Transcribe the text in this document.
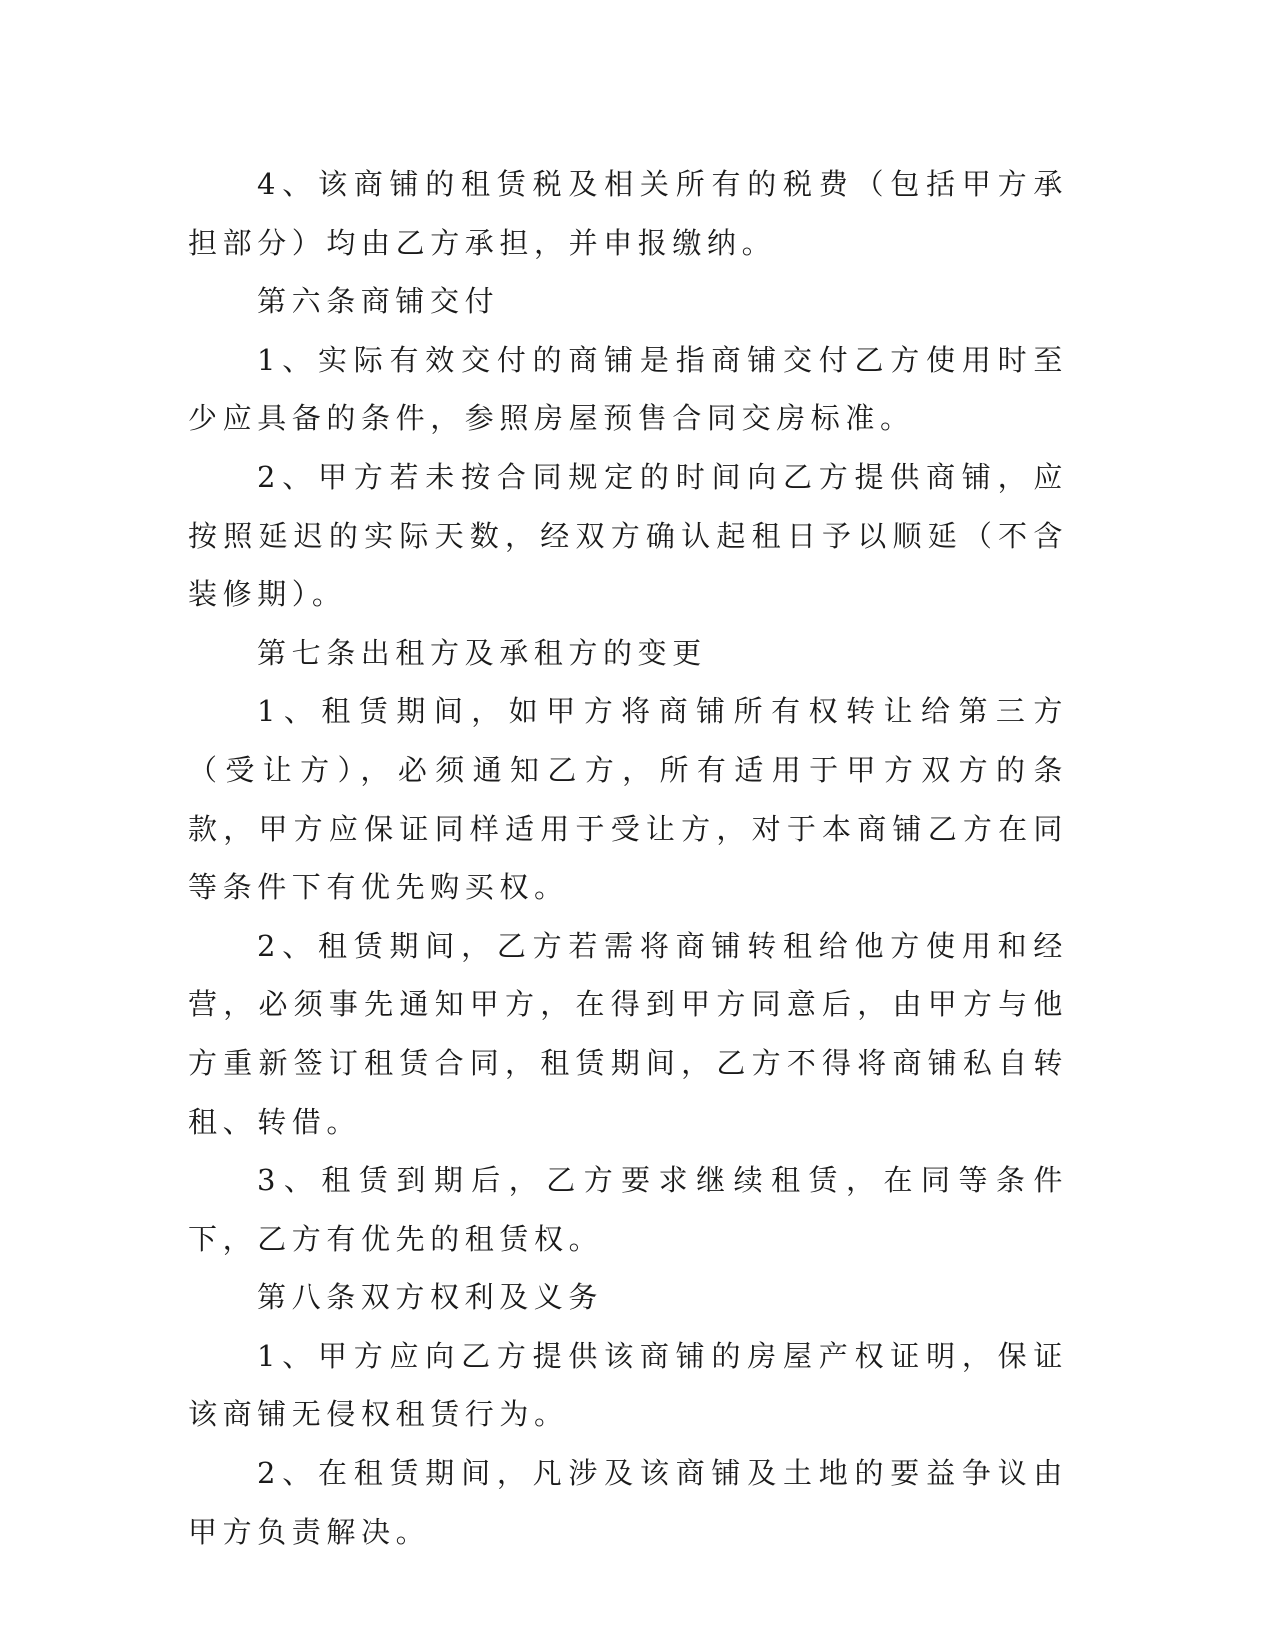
4、该商铺的租赁税及相关所有的税费（包括甲方承担部分）均由乙方承担，并申报缴纳。

第六条商铺交付

1、实际有效交付的商铺是指商铺交付乙方使用时至少应具备的条件，参照房屋预售合同交房标准。

2、甲方若未按合同规定的时间向乙方提供商铺，应按照延迟的实际天数，经双方确认起租日予以顺延（不含装修期）。

第七条出租方及承租方的变更

1、租赁期间，如甲方将商铺所有权转让给第三方（受让方），必须通知乙方，所有适用于甲方双方的条款，甲方应保证同样适用于受让方，对于本商铺乙方在同等条件下有优先购买权。

2、租赁期间，乙方若需将商铺转租给他方使用和经营，必须事先通知甲方，在得到甲方同意后，由甲方与他方重新签订租赁合同，租赁期间，乙方不得将商铺私自转租、转借。

3、租赁到期后，乙方要求继续租赁，在同等条件下，乙方有优先的租赁权。

第八条双方权利及义务

1、甲方应向乙方提供该商铺的房屋产权证明，保证该商铺无侵权租赁行为。

2、在租赁期间，凡涉及该商铺及土地的要益争议由甲方负责解决。
